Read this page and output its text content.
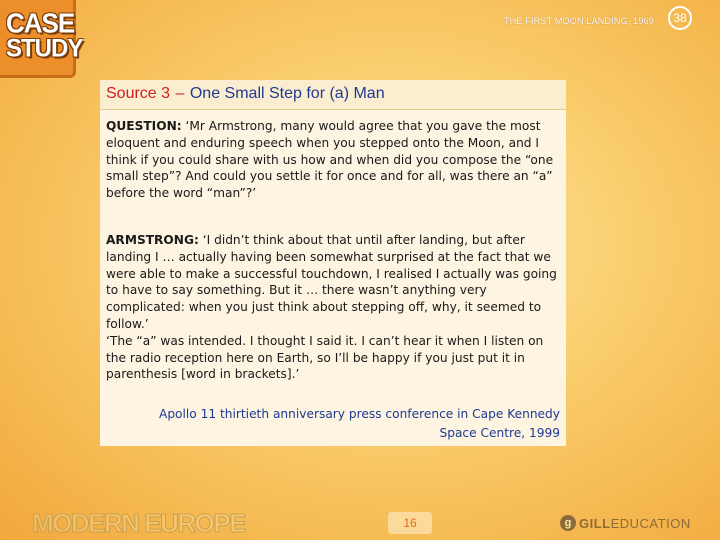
CASE
STUDY
THE FIRST MOON LANDING, 1969	38
Source 3 – One Small Step for (a) Man
QUESTION: ‘Mr Armstrong, many would agree that you gave the most eloquent and enduring speech when you stepped onto the Moon, and I think if you could share with us how and when did you compose the “one small step”? And could you settle it for once and for all, was there an “a” before the word “man”?’
ARMSTRONG: ‘I didn’t think about that until after landing, but after landing I … actually having been somewhat surprised at the fact that we were able to make a successful touchdown, I realised I actually was going to have to say something. But it … there wasn’t anything very complicated: when you just think about stepping off, why, it seemed to follow.’
‘The “a” was intended. I thought I said it. I can’t hear it when I listen on the radio reception here on Earth, so I’ll be happy if you just put it in parenthesis [word in brackets].’
Apollo 11 thirtieth anniversary press conference in Cape Kennedy
Space Centre, 1999
MODERN EUROPE	16	g GILLEDUCATION
